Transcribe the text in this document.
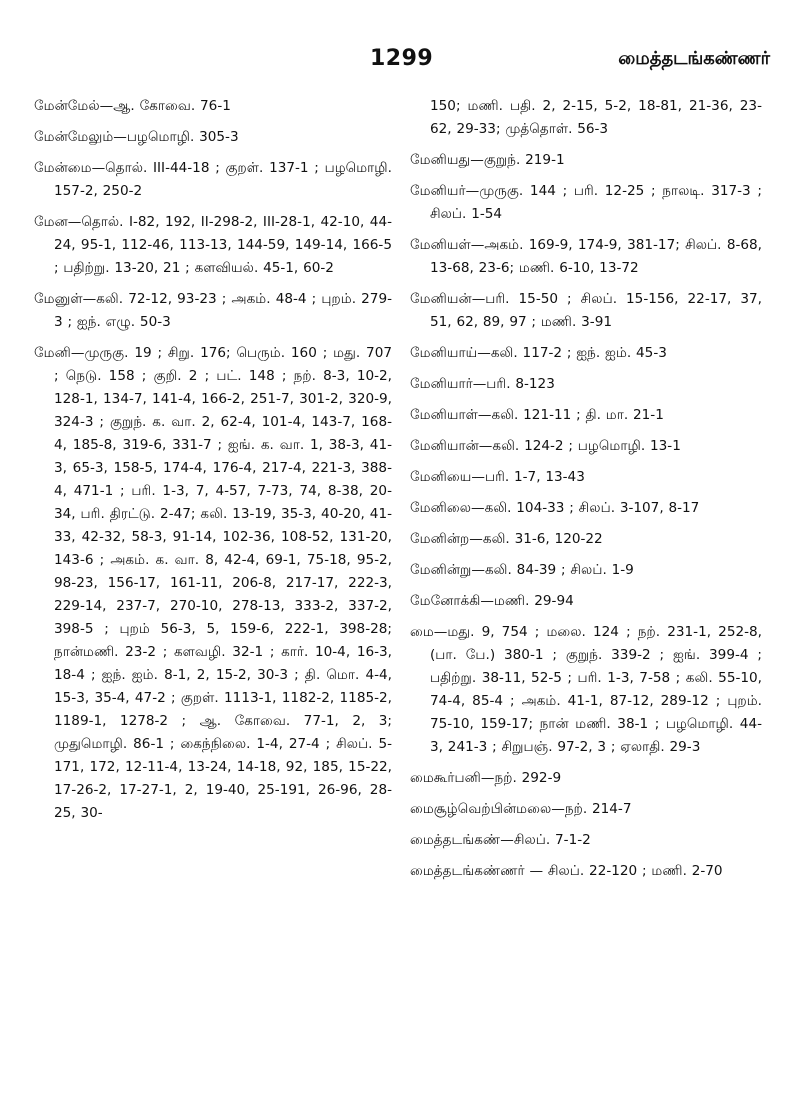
1299	மைத்தடங்கண்ணர்
மேன்மேல்—ஆ. கோவை. 76-1
மேன்மேலும்—பழமொழி. 305-3
மேன்மை—தொல். III-44-18 ; குறள். 137-1 ; பழமொழி. 157-2, 250-2
மேன—தொல். I-82, 192, II-298-2, III-28-1, 42-10, 44-24, 95-1, 112-46, 113-13, 144-59, 149-14, 166-5 ; பதிற்று. 13-20, 21 ; களவியல். 45-1, 60-2
மேனுள்—கலி. 72-12, 93-23 ; அகம். 48-4 ; புறம். 279-3 ; ஐந். எழு. 50-3
மேனி—முருகு. 19 ; சிறு. 176; பெரும். 160 ; மது. 707 ; நெடு. 158 ; குறி. 2 ; பட். 148 ; நற். 8-3, 10-2, 128-1, 134-7, 141-4, 166-2, 251-7, 301-2, 320-9, 324-3 ; குறுந். க. வா. 2, 62-4, 101-4, 143-7, 168-4, 185-8, 319-6, 331-7 ; ஐங். க. வா. 1, 38-3, 41-3, 65-3, 158-5, 174-4, 176-4, 217-4, 221-3, 388-4, 471-1 ; பரி. 1-3, 7, 4-57, 7-73, 74, 8-38, 20-34, பரி. திரட்டு. 2-47; கலி. 13-19, 35-3, 40-20, 41-33, 42-32, 58-3, 91-14, 102-36, 108-52, 131-20, 143-6 ; அகம். க. வா. 8, 42-4, 69-1, 75-18, 95-2, 98-23, 156-17, 161-11, 206-8, 217-17, 222-3, 229-14, 237-7, 270-10, 278-13, 333-2, 337-2, 398-5 ; புறம் 56-3, 5, 159-6, 222-1, 398-28; நான்மணி. 23-2 ; களவழி. 32-1 ; கார். 10-4, 16-3, 18-4 ; ஐந். ஐம். 8-1, 2, 15-2, 30-3 ; தி. மொ. 4-4, 15-3, 35-4, 47-2 ; குறள். 1113-1, 1182-2, 1185-2, 1189-1, 1278-2 ; ஆ. கோவை. 77-1, 2, 3; முதுமொழி. 86-1 ; கைந்நிலை. 1-4, 27-4 ; சிலப். 5-171, 172, 12-11-4, 13-24, 14-18, 92, 185, 15-22, 17-26-2, 17-27-1, 2, 19-40, 25-191, 26-96, 28-25, 30-
150; மணி. பதி. 2, 2-15, 5-2, 18-81, 21-36, 23-62, 29-33; முத்தொள். 56-3
மேனியது—குறுந். 219-1
மேனியர்—முருகு. 144 ; பரி. 12-25 ; நாலடி. 317-3 ; சிலப். 1-54
மேனியள்—அகம். 169-9, 174-9, 381-17; சிலப். 8-68, 13-68, 23-6; மணி. 6-10, 13-72
மேனியன்—பரி. 15-50 ; சிலப். 15-156, 22-17, 37, 51, 62, 89, 97 ; மணி. 3-91
மேனியாய்—கலி. 117-2 ; ஐந். ஐம். 45-3
மேனியார்—பரி. 8-123
மேனியாள்—கலி. 121-11 ; தி. மா. 21-1
மேனியான்—கலி. 124-2 ; பழமொழி. 13-1
மேனியை—பரி. 1-7, 13-43
மேனிலை—கலி. 104-33 ; சிலப். 3-107, 8-17
மேனின்ற—கலி. 31-6, 120-22
மேனின்று—கலி. 84-39 ; சிலப். 1-9
மேனோக்கி—மணி. 29-94
மை—மது. 9, 754 ; மலை. 124 ; நற். 231-1, 252-8, (பா. பே.) 380-1 ; குறுந். 339-2 ; ஐங். 399-4 ; பதிற்று. 38-11, 52-5 ; பரி. 1-3, 7-58 ; கலி. 55-10, 74-4, 85-4 ; அகம். 41-1, 87-12, 289-12 ; புறம். 75-10, 159-17; நான் மணி. 38-1 ; பழமொழி. 44-3, 241-3 ; சிறுபஞ். 97-2, 3 ; ஏலாதி. 29-3
மைகூர்பனி—நற். 292-9
மைசூழ்வெற்பின்மலை—நற். 214-7
மைத்தடங்கண்—சிலப். 7-1-2
மைத்தடங்கண்ணர் — சிலப். 22-120 ; மணி. 2-70
